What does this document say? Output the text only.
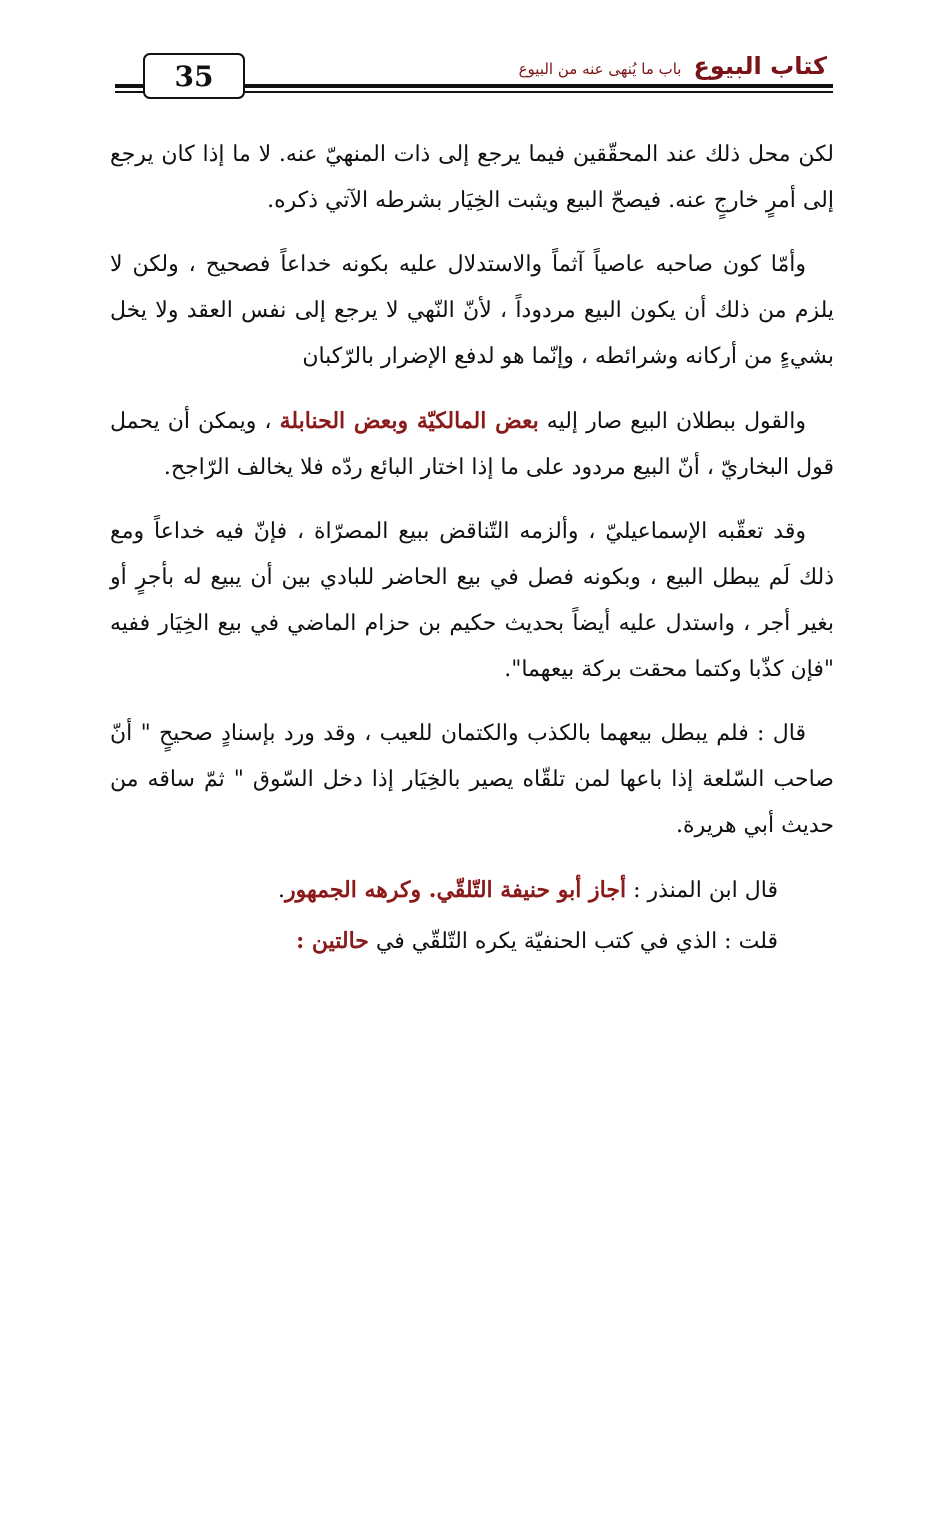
35	كتاب البيوع
باب ما يُنهى عنه من البيوع

لكن محل ذلك عند المحقّقين فيما يرجع إلى ذات المنهيّ عنه. لا ما إذا كان يرجع إلى أمرٍ خارجٍ عنه. فيصحّ البيع ويثبت الخِيَار بشرطه الآتي ذكره.

وأمّا كون صاحبه عاصياً آثماً والاستدلال عليه بكونه خداعاً فصحيح ، ولكن لا يلزم من ذلك أن يكون البيع مردوداً ، لأنّ النّهي لا يرجع إلى نفس العقد ولا يخل بشيءٍ من أركانه وشرائطه ، وإنّما هو لدفع الإضرار بالرّكبان

والقول ببطلان البيع صار إليه بعض المالكيّة وبعض الحنابلة ، ويمكن أن يحمل قول البخاريّ ، أنّ البيع مردود على ما إذا اختار البائع ردّه فلا يخالف الرّاجح.

وقد تعقّبه الإسماعيليّ ، وألزمه التّناقض ببيع المصرّاة ، فإنّ فيه خداعاً ومع ذلك لَم يبطل البيع ، وبكونه فصل في بيع الحاضر للبادي بين أن يبيع له بأجرٍ أو بغير أجر ، واستدل عليه أيضاً بحديث حكيم بن حزام الماضي في بيع الخِيَار ففيه "فإن كذّبا وكتما محقت بركة بيعهما".

قال : فلم يبطل بيعهما بالكذب والكتمان للعيب ، وقد ورد بإسنادٍ صحيحٍ " أنّ صاحب السّلعة إذا باعها لمن تلقّاه يصير بالخِيَار إذا دخل السّوق " ثمّ ساقه من حديث أبي هريرة.

قال ابن المنذر : أجاز أبو حنيفة التّلقّي. وكرهه الجمهور.

قلت : الذي في كتب الحنفيّة يكره التّلقّي في حالتين :
